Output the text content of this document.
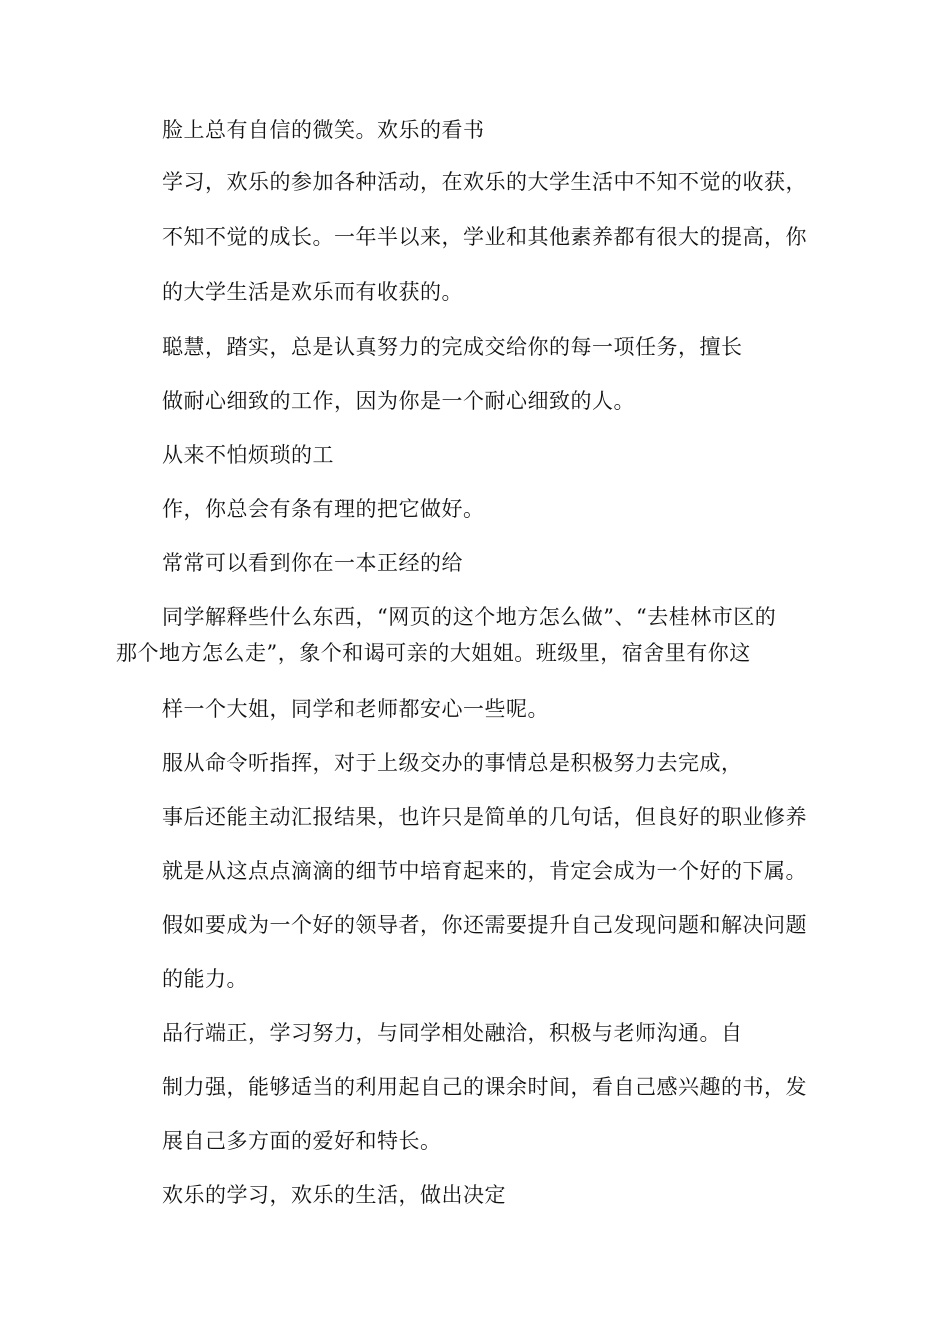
脸上总有自信的微笑。欢乐的看书
学习，欢乐的参加各种活动，在欢乐的大学生活中不知不觉的收获，
不知不觉的成长。一年半以来，学业和其他素养都有很大的提高，你
的大学生活是欢乐而有收获的。
聪慧，踏实，总是认真努力的完成交给你的每一项任务，擅长
做耐心细致的工作，因为你是一个耐心细致的人。
从来不怕烦琐的工
作，你总会有条有理的把它做好。
常常可以看到你在一本正经的给
同学解释些什么东西，“网页的这个地方怎么做”、“去桂林市区的
那个地方怎么走”，象个和谒可亲的大姐姐。班级里，宿舍里有你这
样一个大姐，同学和老师都安心一些呢。
服从命令听指挥，对于上级交办的事情总是积极努力去完成，
事后还能主动汇报结果，也许只是简单的几句话，但良好的职业修养
就是从这点点滴滴的细节中培育起来的，肯定会成为一个好的下属。
假如要成为一个好的领导者，你还需要提升自己发现问题和解决问题
的能力。
品行端正，学习努力，与同学相处融洽，积极与老师沟通。自
制力强，能够适当的利用起自己的课余时间，看自己感兴趣的书，发
展自己多方面的爱好和特长。
欢乐的学习，欢乐的生活，做出决定
